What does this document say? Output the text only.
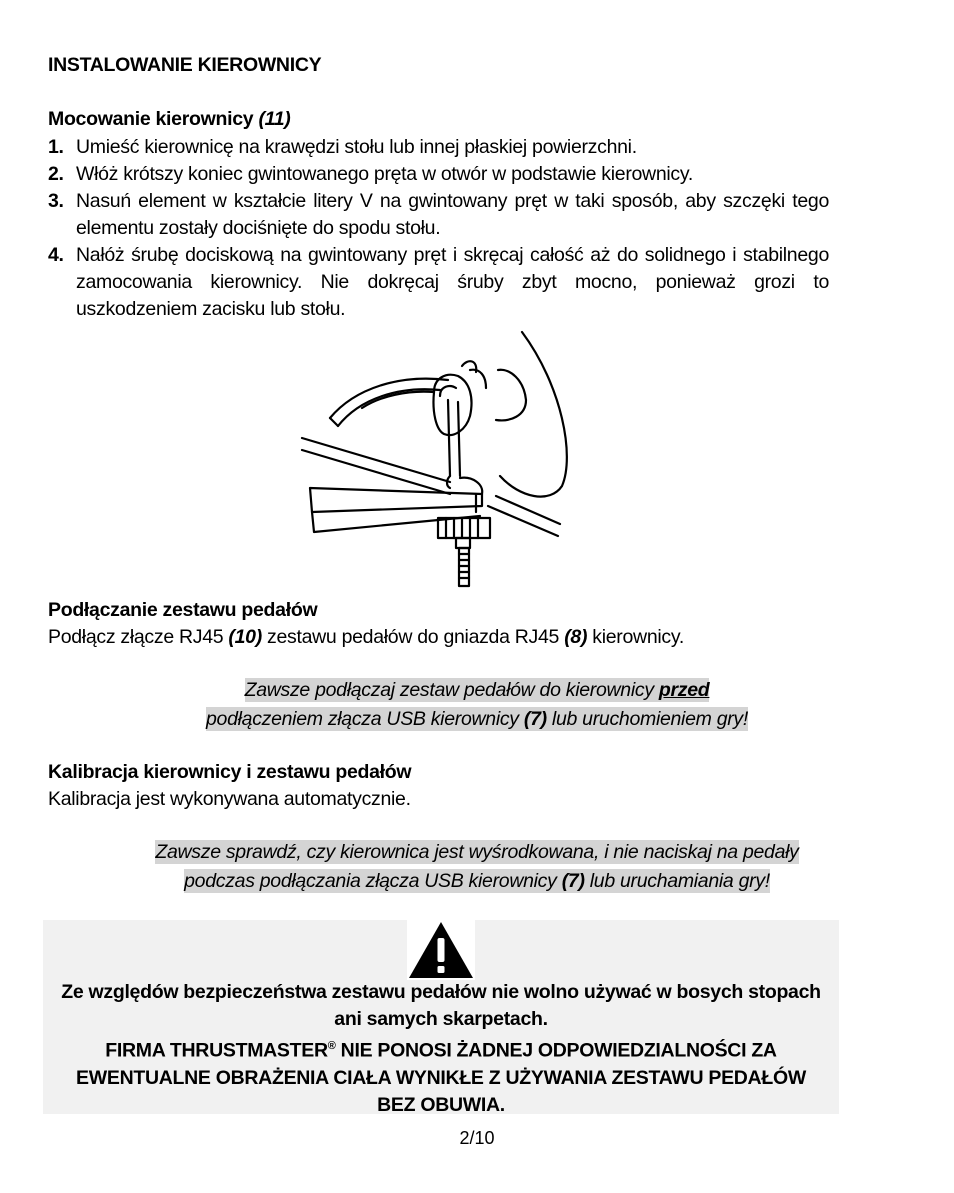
INSTALOWANIE KIEROWNICY
Mocowanie kierownicy (11)
1. Umieść kierownicę na krawędzi stołu lub innej płaskiej powierzchni.
2. Włóż krótszy koniec gwintowanego pręta w otwór w podstawie kierownicy.
3. Nasuń element w kształcie litery V na gwintowany pręt w taki sposób, aby szczęki tego elementu zostały dociśnięte do spodu stołu.
4. Nałóż śrubę dociskową na gwintowany pręt i skręcaj całość aż do solidnego i stabilnego zamocowania kierownicy. Nie dokręcaj śruby zbyt mocno, ponieważ grozi to uszkodzeniem zacisku lub stołu.
Podłączanie zestawu pedałów
Podłącz złącze RJ45 (10) zestawu pedałów do gniazda RJ45 (8) kierownicy.
Zawsze podłączaj zestaw pedałów do kierownicy przed
podłączeniem złącza USB kierownicy (7) lub uruchomieniem gry!
Kalibracja kierownicy i zestawu pedałów
Kalibracja jest wykonywana automatycznie.
Zawsze sprawdź, czy kierownica jest wyśrodkowana, i nie naciskaj na pedały
podczas podłączania złącza USB kierownicy (7) lub uruchamiania gry!
Ze względów bezpieczeństwa zestawu pedałów nie wolno używać w bosych stopach
ani samych skarpetach.
FIRMA THRUSTMASTER® NIE PONOSI ŻADNEJ ODPOWIEDZIALNOŚCI ZA
EWENTUALNE OBRAŻENIA CIAŁA WYNIKŁE Z UŻYWANIA ZESTAWU PEDAŁÓW
BEZ OBUWIA.
2/10
